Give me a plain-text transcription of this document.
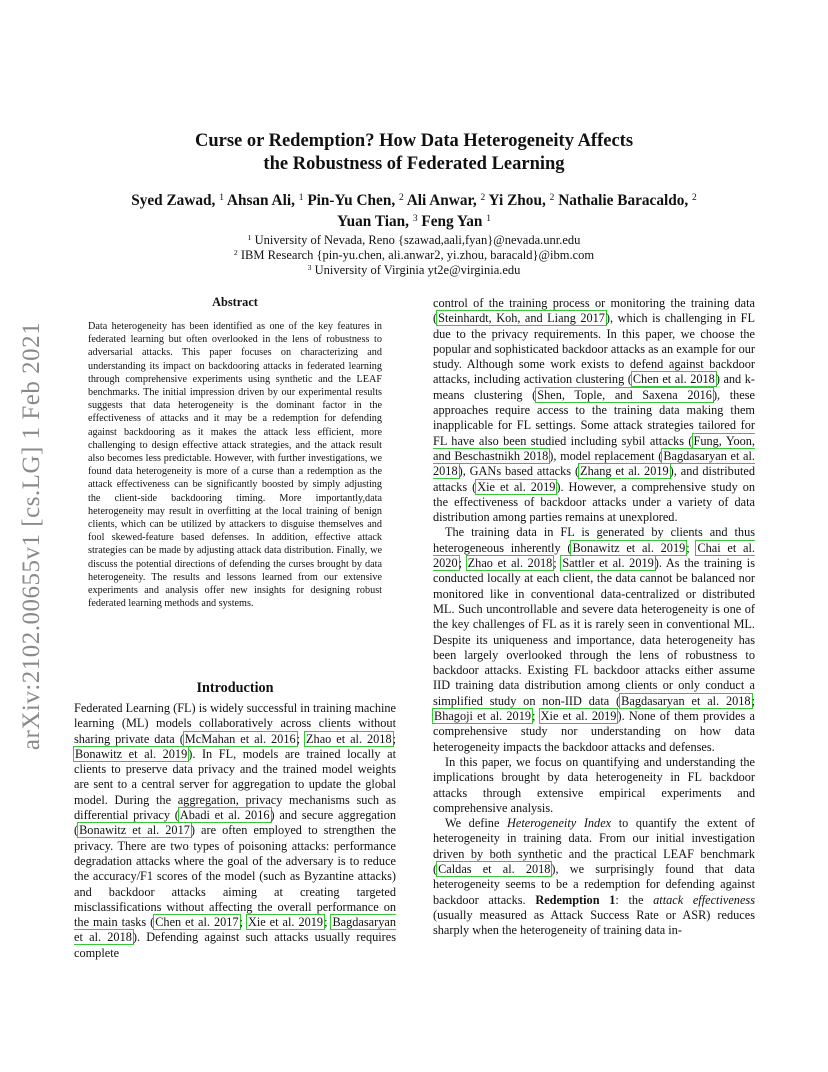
arXiv:2102.00655v1 [cs.LG] 1 Feb 2021
Curse or Redemption? How Data Heterogeneity Affects
the Robustness of Federated Learning
Syed Zawad, $^1$ Ahsan Ali, $^1$ Pin-Yu Chen, $^2$ Ali Anwar, $^2$ Yi Zhou, $^2$ Nathalie Baracaldo, $^2$
Yuan Tian, $^3$ Feng Yan $^1$
$^1$ University of Nevada, Reno {szawad,aali,fyan}@nevada.unr.edu
$^2$ IBM Research {pin-yu.chen, ali.anwar2, yi.zhou, baracald}@ibm.com
$^3$ University of Virginia yt2e@virginia.edu
Abstract
Data heterogeneity has been identified as one of the key features in federated learning but often overlooked in the lens of robustness to adversarial attacks. This paper focuses on characterizing and understanding its impact on backdooring attacks in federated learning through comprehensive experiments using synthetic and the LEAF benchmarks. The initial impression driven by our experimental results suggests that data heterogeneity is the dominant factor in the effectiveness of attacks and it may be a redemption for defending against backdooring as it makes the attack less efficient, more challenging to design effective attack strategies, and the attack result also becomes less predictable. However, with further investigations, we found data heterogeneity is more of a curse than a redemption as the attack effectiveness can be significantly boosted by simply adjusting the client-side backdooring timing. More importantly,data heterogeneity may result in overfitting at the local training of benign clients, which can be utilized by attackers to disguise themselves and fool skewed-feature based defenses. In addition, effective attack strategies can be made by adjusting attack data distribution. Finally, we discuss the potential directions of defending the curses brought by data heterogeneity. The results and lessons learned from our extensive experiments and analysis offer new insights for designing robust federated learning methods and systems.
Introduction

Federated Learning (FL) is widely successful in training machine learning (ML) models collaboratively across clients without sharing private data (McMahan et al. 2016; Zhao et al. 2018; Bonawitz et al. 2019). In FL, models are trained locally at clients to preserve data privacy and the trained model weights are sent to a central server for aggregation to update the global model. During the aggregation, privacy mechanisms such as differential privacy (Abadi et al. 2016) and secure aggregation (Bonawitz et al. 2017) are often employed to strengthen the privacy. There are two types of poisoning attacks: performance degradation attacks where the goal of the adversary is to reduce the accuracy/F1 scores of the model (such as Byzantine attacks) and backdoor attacks aiming at creating targeted misclassifications without affecting the overall performance on the main tasks (Chen et al. 2017; Xie et al. 2019; Bagdasaryan et al. 2018). Defending against such attacks usually requires complete

control of the training process or monitoring the training data (Steinhardt, Koh, and Liang 2017), which is challenging in FL due to the privacy requirements. In this paper, we choose the popular and sophisticated backdoor attacks as an example for our study. Although some work exists to defend against backdoor attacks, including activation clustering (Chen et al. 2018) and k-means clustering (Shen, Tople, and Saxena 2016), these approaches require access to the training data making them inapplicable for FL settings. Some attack strategies tailored for FL have also been studied including sybil attacks (Fung, Yoon, and Beschastnikh 2018), model replacement (Bagdasaryan et al. 2018), GANs based attacks (Zhang et al. 2019), and distributed attacks (Xie et al. 2019). However, a comprehensive study on the effectiveness of backdoor attacks under a variety of data distribution among parties remains at unexplored.

The training data in FL is generated by clients and thus heterogeneous inherently (Bonawitz et al. 2019; Chai et al. 2020; Zhao et al. 2018; Sattler et al. 2019). As the training is conducted locally at each client, the data cannot be balanced nor monitored like in conventional data-centralized or distributed ML. Such uncontrollable and severe data heterogeneity is one of the key challenges of FL as it is rarely seen in conventional ML. Despite its uniqueness and importance, data heterogeneity has been largely overlooked through the lens of robustness to backdoor attacks. Existing FL backdoor attacks either assume IID training data distribution among clients or only conduct a simplified study on non-IID data (Bagdasaryan et al. 2018; Bhagoji et al. 2019; Xie et al. 2019). None of them provides a comprehensive study nor understanding on how data heterogeneity impacts the backdoor attacks and defenses.

In this paper, we focus on quantifying and understanding the implications brought by data heterogeneity in FL backdoor attacks through extensive empirical experiments and comprehensive analysis.

We define Heterogeneity Index to quantify the extent of heterogeneity in training data. From our initial investigation driven by both synthetic and the practical LEAF benchmark (Caldas et al. 2018), we surprisingly found that data heterogeneity seems to be a redemption for defending against backdoor attacks. Redemption 1: the attack effectiveness (usually measured as Attack Success Rate or ASR) reduces sharply when the heterogeneity of training data in-
